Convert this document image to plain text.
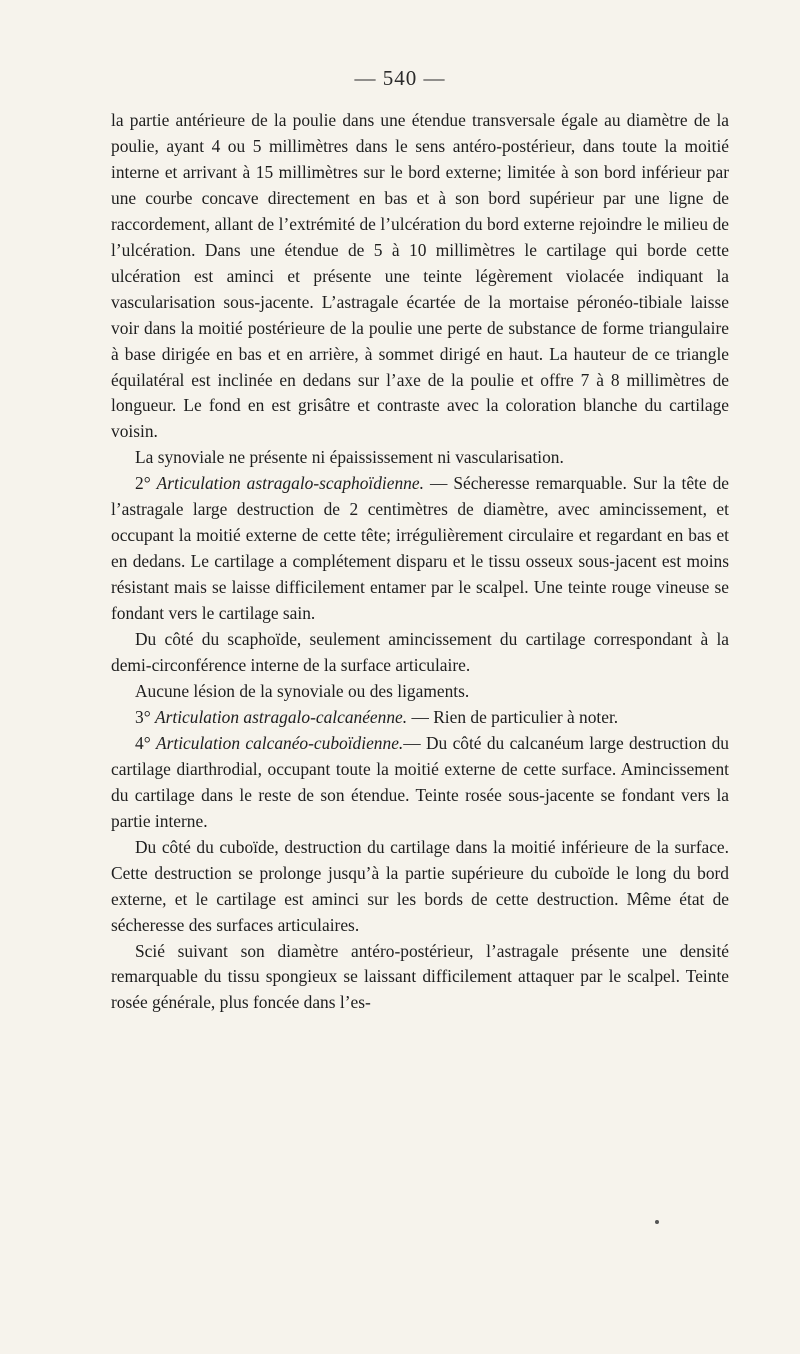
— 540 —

la partie antérieure de la poulie dans une étendue transversale égale au diamètre de la poulie, ayant 4 ou 5 millimètres dans le sens antéro-postérieur, dans toute la moitié interne et arrivant à 15 millimètres sur le bord externe; limitée à son bord inférieur par une courbe concave directement en bas et à son bord supérieur par une ligne de raccordement, allant de l’extrémité de l’ulcération du bord externe rejoindre le milieu de l’ulcération. Dans une étendue de 5 à 10 millimètres le cartilage qui borde cette ulcération est aminci et présente une teinte légèrement violacée indiquant la vascularisation sous-jacente. L’astragale écartée de la mortaise péronéo-tibiale laisse voir dans la moitié postérieure de la poulie une perte de substance de forme triangulaire à base dirigée en bas et en arrière, à sommet dirigé en haut. La hauteur de ce triangle équilatéral est inclinée en dedans sur l’axe de la poulie et offre 7 à 8 millimètres de longueur. Le fond en est grisâtre et contraste avec la coloration blanche du cartilage voisin.

La synoviale ne présente ni épaississement ni vascularisation.

2° Articulation astragalo-scaphoïdienne. — Sécheresse remarquable. Sur la tête de l’astragale large destruction de 2 centimètres de diamètre, avec amincissement, et occupant la moitié externe de cette tête; irrégulièrement circulaire et regardant en bas et en dedans. Le cartilage a complétement disparu et le tissu osseux sous-jacent est moins résistant mais se laisse difficilement entamer par le scalpel. Une teinte rouge vineuse se fondant vers le cartilage sain.

Du côté du scaphoïde, seulement amincissement du cartilage correspondant à la demi-circonférence interne de la surface articulaire.

Aucune lésion de la synoviale ou des ligaments.

3° Articulation astragalo-calcanéenne. — Rien de particulier à noter.

4° Articulation calcanéo-cuboïdienne.— Du côté du calcanéum large destruction du cartilage diarthrodial, occupant toute la moitié externe de cette surface. Amincissement du cartilage dans le reste de son étendue. Teinte rosée sous-jacente se fondant vers la partie interne.

Du côté du cuboïde, destruction du cartilage dans la moitié inférieure de la surface. Cette destruction se prolonge jusqu’à la partie supérieure du cuboïde le long du bord externe, et le cartilage est aminci sur les bords de cette destruction. Même état de sécheresse des surfaces articulaires.

Scié suivant son diamètre antéro-postérieur, l’astragale présente une densité remarquable du tissu spongieux se laissant difficilement attaquer par le scalpel. Teinte rosée générale, plus foncée dans l’es-
